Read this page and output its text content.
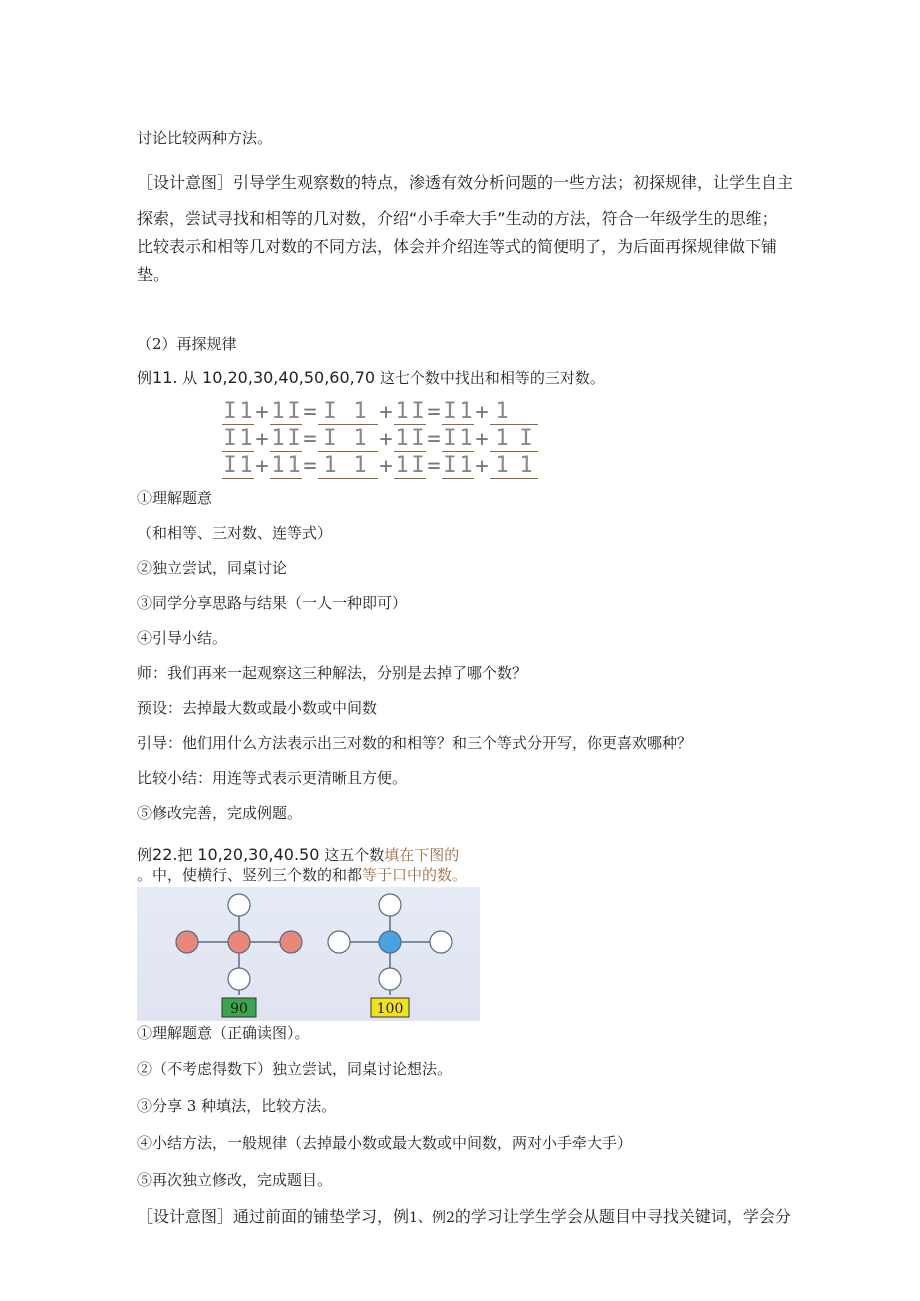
讨论比较两种方法。
［设计意图］引导学生观察数的特点，渗透有效分析问题的一些方法；初探规律，让学生自主
探索，尝试寻找和相等的几对数，介绍“小手牵大手”生动的方法，符合一年级学生的思维；
比较表示和相等几对数的不同方法，体会并介绍连等式的简便明了，为后面再探规律做下铺
垫。
（2）再探规律
例11. 从 10,20,30,40,50,60,70 这七个数中找出和相等的三对数。
I 1 + 1 I = I 1 + 1 I = I 1 + 1
I 1 + 1 I = I 1 + 1 I = I 1 + 1 I
I 1 + 1 1 = 1 1 + 1 I = I 1 + 1 1
①理解题意
（和相等、三对数、连等式）
②独立尝试，同桌讨论
③同学分享思路与结果（一人一种即可）
④引导小结。
师：我们再来一起观察这三种解法，分别是去掉了哪个数？
预设：去掉最大数或最小数或中间数
引导：他们用什么方法表示出三对数的和相等？和三个等式分开写，你更喜欢哪种？
比较小结：用连等式表示更清晰且方便。
⑤修改完善，完成例题。
例22.把 10,20,30,40.50 这五个数填在下图的
。中，使横行、竖列三个数的和都等于口中的数。
90	100
①理解题意（正确读图）。
②（不考虑得数下）独立尝试，同桌讨论想法。
③分享 3 种填法，比较方法。
④小结方法，一般规律（去掉最小数或最大数或中间数，两对小手牵大手）
⑤再次独立修改，完成题目。
［设计意图］通过前面的铺垫学习，例1、例2的学习让学生学会从题目中寻找关键词，学会分
